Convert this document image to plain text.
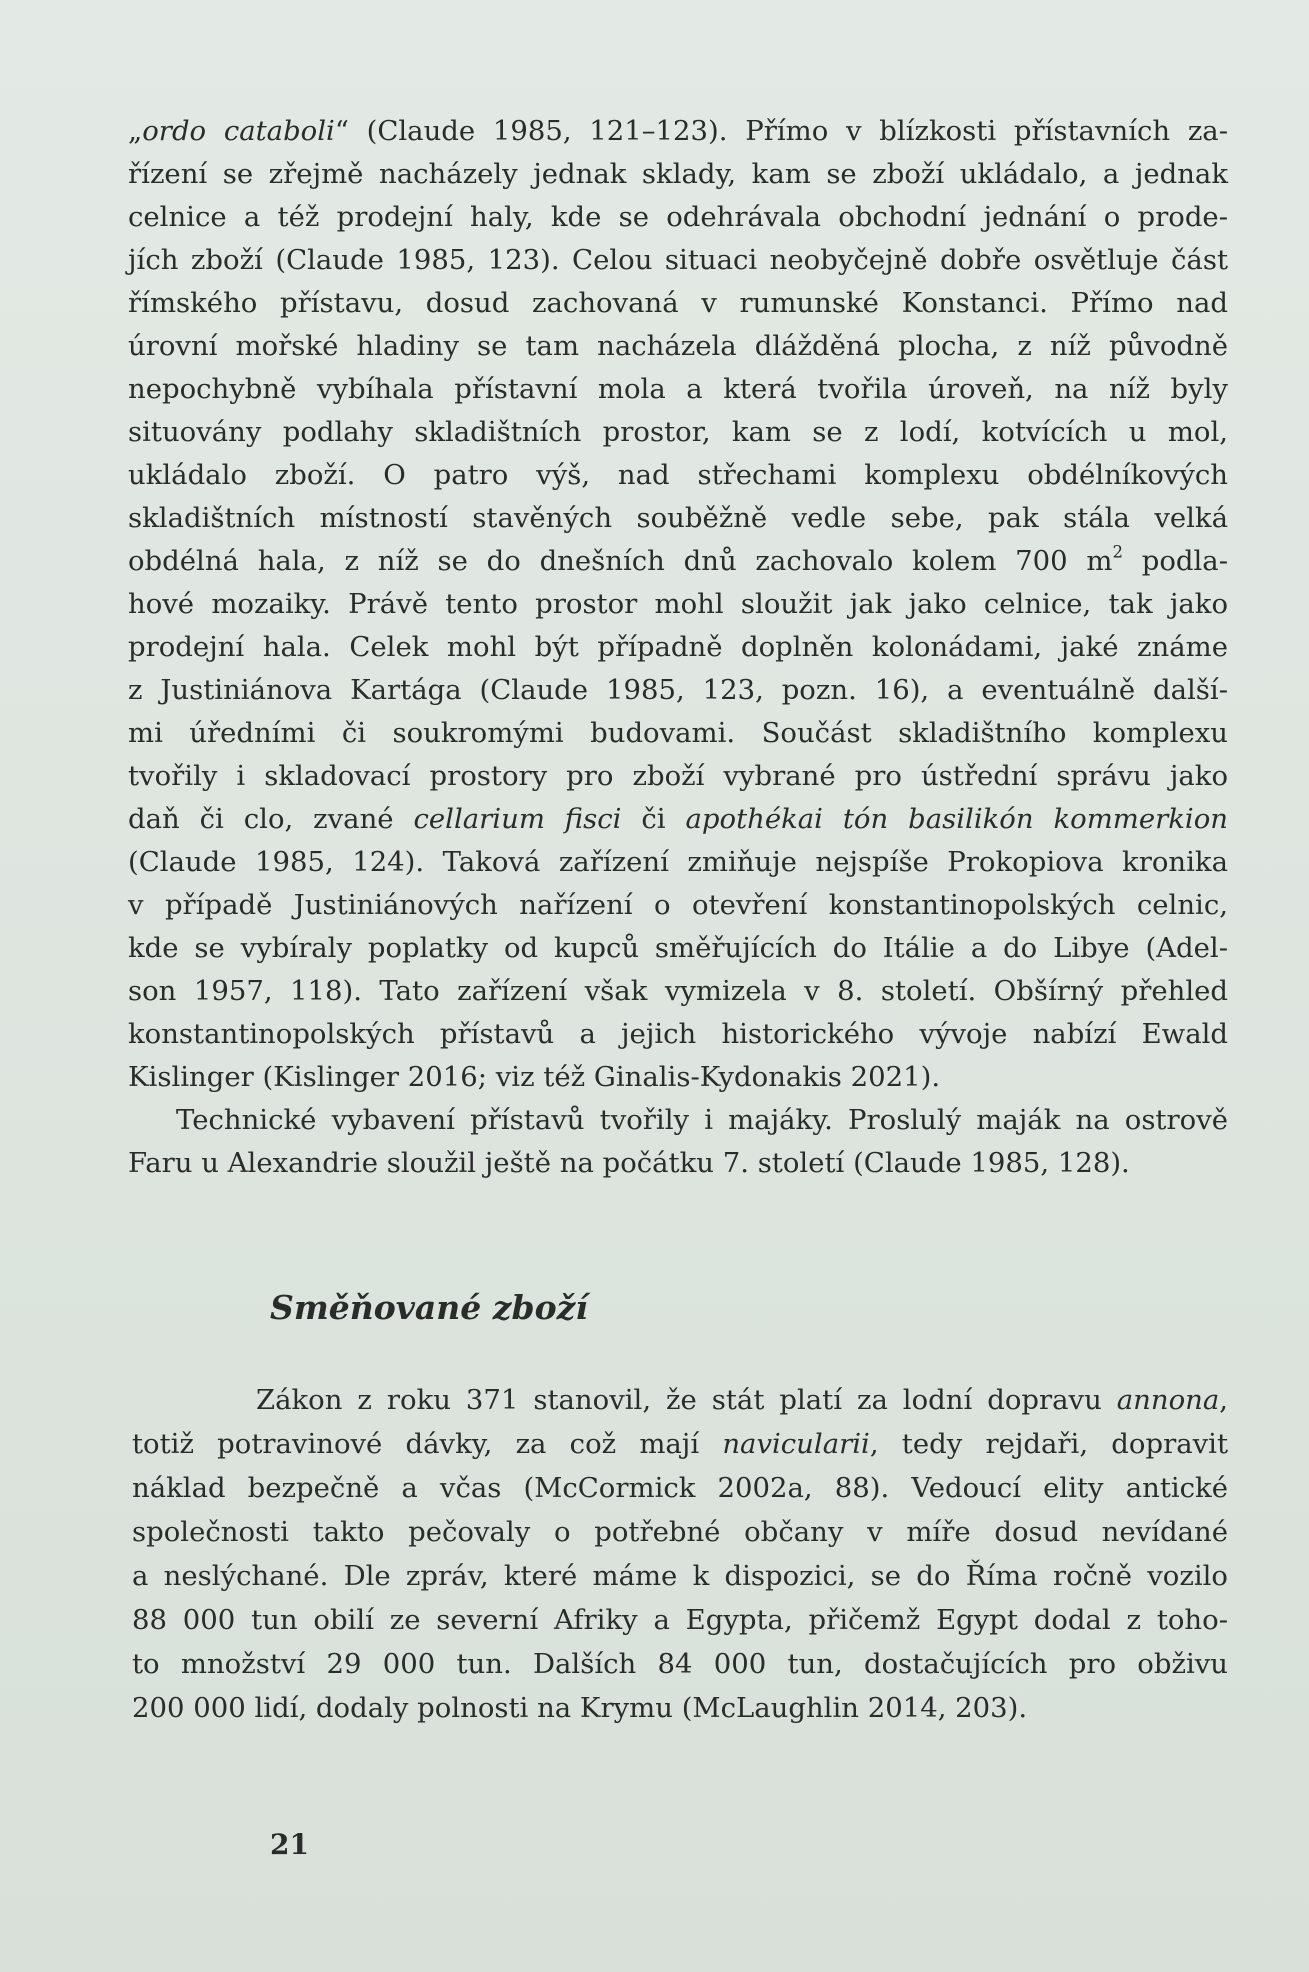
„ordo cataboli“ (Claude 1985, 121–123). Přímo v blízkosti přístavních za-
řízení se zřejmě nacházely jednak sklady, kam se zboží ukládalo, a jednak
celnice a též prodejní haly, kde se odehrávala obchodní jednání o prode-
jích zboží (Claude 1985, 123). Celou situaci neobyčejně dobře osvětluje část
římského přístavu, dosud zachovaná v rumunské Konstanci. Přímo nad
úrovní mořské hladiny se tam nacházela dlážděná plocha, z níž původně
nepochybně vybíhala přístavní mola a která tvořila úroveň, na níž byly
situovány podlahy skladištních prostor, kam se z lodí, kotvících u mol,
ukládalo zboží. O patro výš, nad střechami komplexu obdélníkových
skladištních místností stavěných souběžně vedle sebe, pak stála velká
obdélná hala, z níž se do dnešních dnů zachovalo kolem 700 $m^2$ podla-
hové mozaiky. Právě tento prostor mohl sloužit jak jako celnice, tak jako
prodejní hala. Celek mohl být případně doplněn kolonádami, jaké známe
z Justiniánova Kartága (Claude 1985, 123, pozn. 16), a eventuálně další-
mi úředními či soukromými budovami. Součást skladištního komplexu
tvořily i skladovací prostory pro zboží vybrané pro ústřední správu jako
daň či clo, zvané cellarium fisci či apothékai tón basilikón kommerkion
(Claude 1985, 124). Taková zařízení zmiňuje nejspíše Prokopiova kronika
v případě Justiniánových nařízení o otevření konstantinopolských celnic,
kde se vybíraly poplatky od kupců směřujících do Itálie a do Libye (Adel-
son 1957, 118). Tato zařízení však vymizela v 8. století. Obšírný přehled
konstantinopolských přístavů a jejich historického vývoje nabízí Ewald
Kislinger (Kislinger 2016; viz též Ginalis-Kydonakis 2021).
Technické vybavení přístavů tvořily i majáky. Proslulý maják na ostrově
Faru u Alexandrie sloužil ještě na počátku 7. století (Claude 1985, 128).
Směňované zboží
Zákon z roku 371 stanovil, že stát platí za lodní dopravu annona,
totiž potravinové dávky, za což mají navicularii, tedy rejdaři, dopravit
náklad bezpečně a včas (McCormick 2002a, 88). Vedoucí elity antické
společnosti takto pečovaly o potřebné občany v míře dosud nevídané
a neslýchané. Dle zpráv, které máme k dispozici, se do Říma ročně vozilo
88 000 tun obilí ze severní Afriky a Egypta, přičemž Egypt dodal z toho-
to množství 29 000 tun. Dalších 84 000 tun, dostačujících pro obživu
200 000 lidí, dodaly polnosti na Krymu (McLaughlin 2014, 203).
21
